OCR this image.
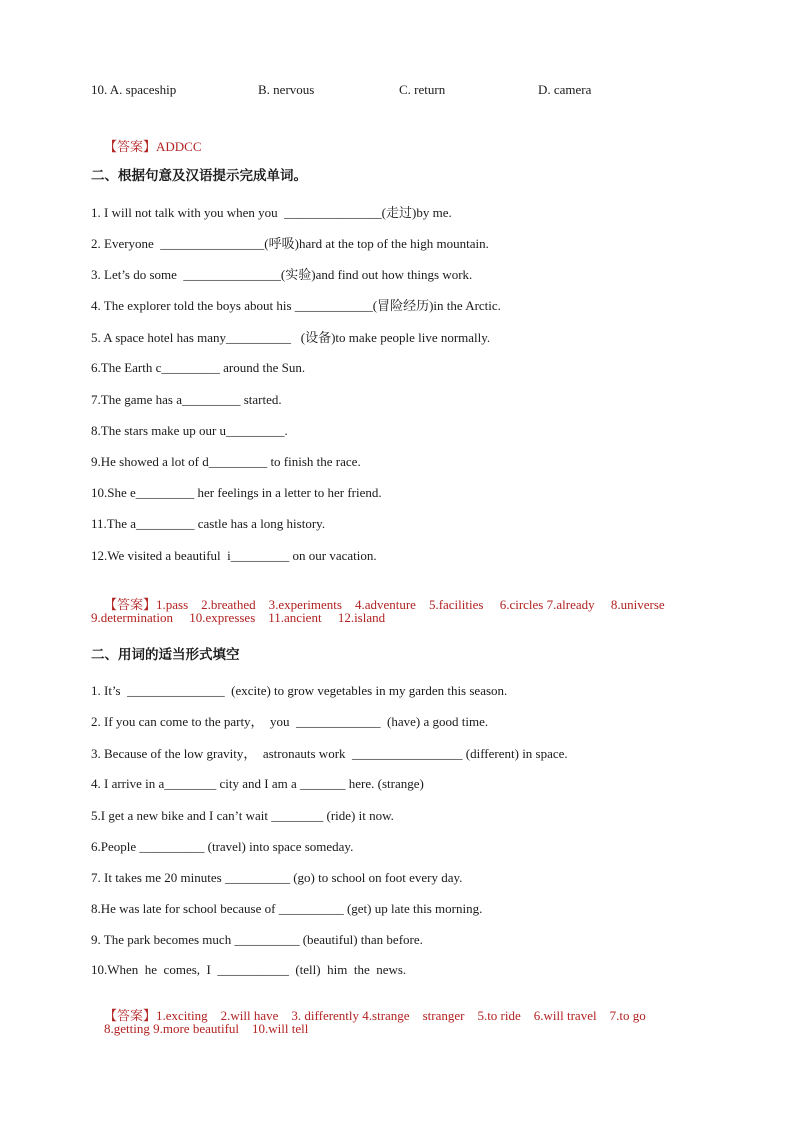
10. A. spaceship	B. nervous	C. return	D. camera

【答案】ADDCC

二、根据句意及汉语提示完成单词。
1. I will not talk with you when you  _______________(走过)by me.
2. Everyone  ________________(呼吸)hard at the top of the high mountain.
3. Let’s do some  _______________(实验)and find out how things work.
4. The explorer told the boys about his ____________(冒险经历)in the Arctic.
5. A space hotel has many__________   (设备)to make people live normally.
6.The Earth c_________ around the Sun.
7.The game has a_________ started.
8.The stars make up our u_________.
9.He showed a lot of d_________ to finish the race.
10.She e_________ her feelings in a letter to her friend.
11.The a_________ castle has a long history.
12.We visited a beautiful  i_________ on our vacation.

【答案】1.pass    2.breathed    3.experiments    4.adventure    5.facilities     6.circles 7.already     8.universe

9.determination     10.expresses    11.ancient     12.island
二、用词的适当形式填空
1. It’s  _______________  (excite) to grow vegetables in my garden this season.
2. If you can come to the party，  you  _____________  (have) a good time.
3. Because of the low gravity，  astronauts work  _________________ (different) in space.
4. I arrive in a________ city and I am a _______ here. (strange)
5.I get a new bike and I can’t wait ________ (ride) it now.
6.People __________ (travel) into space someday.
7. It takes me 20 minutes __________ (go) to school on foot every day.
8.He was late for school because of __________ (get) up late this morning.
9. The park becomes much __________ (beautiful) than before.
10.When  he  comes,  I  ___________  (tell)  him  the  news.

【答案】1.exciting    2.will have    3. differently 4.strange    stranger    5.to ride    6.will travel    7.to go

8.getting 9.more beautiful    10.will tell
